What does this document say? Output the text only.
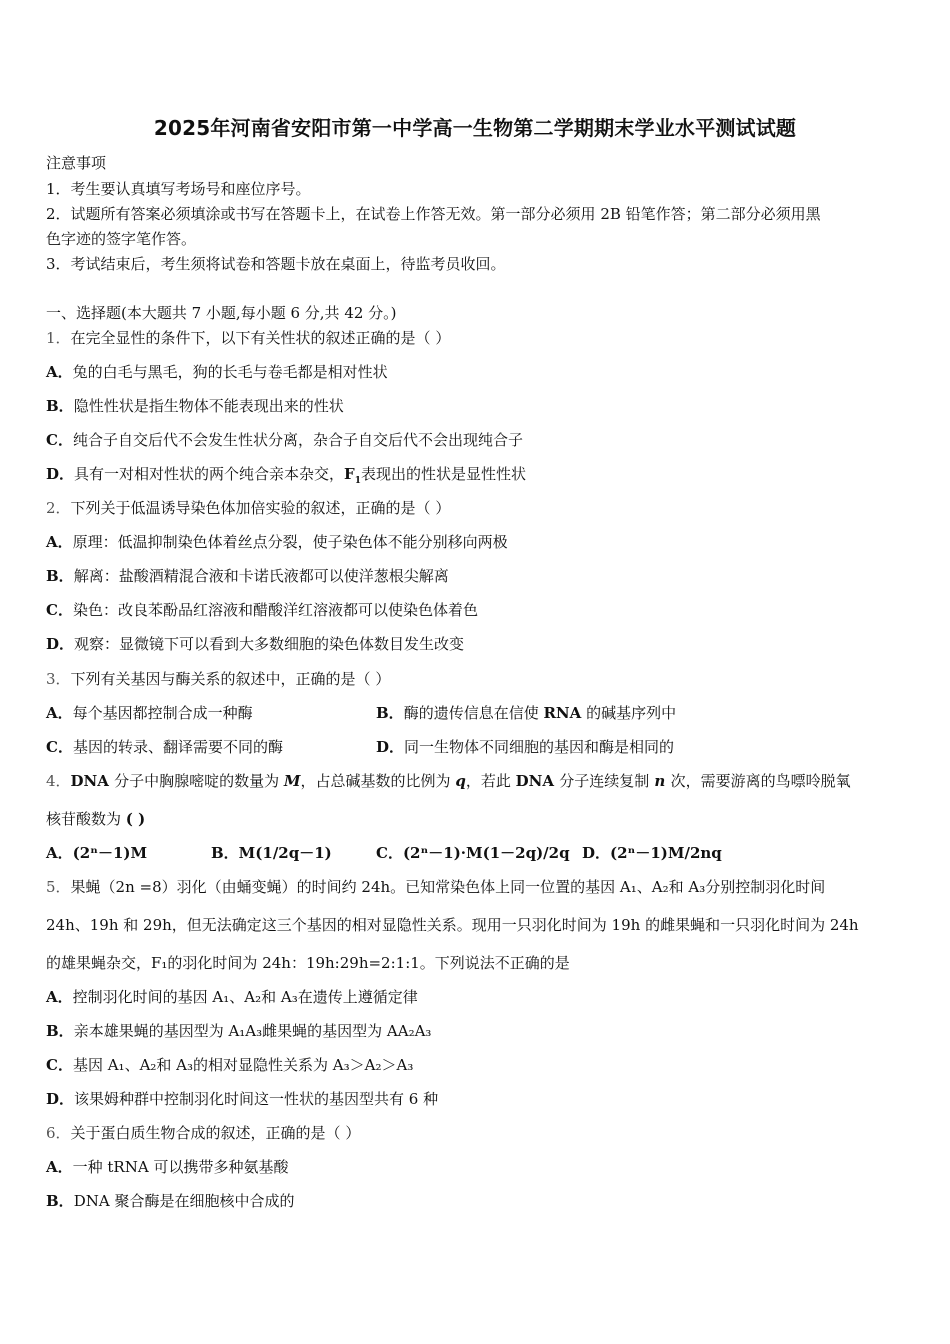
2025年河南省安阳市第一中学高一生物第二学期期末学业水平测试试题
注意事项
1．考生要认真填写考场号和座位序号。
2．试题所有答案必须填涂或书写在答题卡上，在试卷上作答无效。第一部分必须用 2B 铅笔作答；第二部分必须用黑
色字迹的签字笔作答。
3．考试结束后，考生须将试卷和答题卡放在桌面上，待监考员收回。
一、选择题(本大题共 7 小题,每小题 6 分,共 42 分。)
1．在完全显性的条件下，以下有关性状的叙述正确的是（ ）
A．兔的白毛与黑毛，狗的长毛与卷毛都是相对性状
B．隐性性状是指生物体不能表现出来的性状
C．纯合子自交后代不会发生性状分离，杂合子自交后代不会出现纯合子
D．具有一对相对性状的两个纯合亲本杂交，$F_1$表现出的性状是显性性状
2．下列关于低温诱导染色体加倍实验的叙述，正确的是（ ）
A．原理：低温抑制染色体着丝点分裂，使子染色体不能分别移向两极
B．解离：盐酸酒精混合液和卡诺氏液都可以使洋葱根尖解离
C．染色：改良苯酚品红溶液和醋酸洋红溶液都可以使染色体着色
D．观察：显微镜下可以看到大多数细胞的染色体数目发生改变
3．下列有关基因与酶关系的叙述中，正确的是（ ）
A．每个基因都控制合成一种酶	B．酶的遗传信息在信使 RNA 的碱基序列中
C．基因的转录、翻译需要不同的酶	D．同一生物体不同细胞的基因和酶是相同的
4．DNA 分子中胸腺嘧啶的数量为 M，占总碱基数的比例为 q，若此 DNA 分子连续复制 n 次，需要游离的鸟嘌呤脱氧
核苷酸数为 ( )
A．(2ⁿ－1)M	B．M(1/2q－1)	C．(2ⁿ－1)·M(1－2q)/2q D．(2ⁿ－1)M/2nq
5．果蝇（2n =8）羽化（由蛹变蝇）的时间约 24h。已知常染色体上同一位置的基因 A₁、A₂和 A₃分别控制羽化时间
24h、19h 和 29h，但无法确定这三个基因的相对显隐性关系。现用一只羽化时间为 19h 的雌果蝇和一只羽化时间为 24h
的雄果蝇杂交，F₁的羽化时间为 24h：19h:29h=2:1:1。下列说法不正确的是
A．控制羽化时间的基因 A₁、A₂和 A₃在遗传上遵循定律
B．亲本雄果蝇的基因型为 A₁A₃雌果蝇的基因型为 AA₂A₃
C．基因 A₁、A₂和 A₃的相对显隐性关系为 A₃＞A₂＞A₃
D．该果姆种群中控制羽化时间这一性状的基因型共有 6 种
6．关于蛋白质生物合成的叙述，正确的是（ ）
A．一种 tRNA 可以携带多种氨基酸
B．DNA 聚合酶是在细胞核中合成的
